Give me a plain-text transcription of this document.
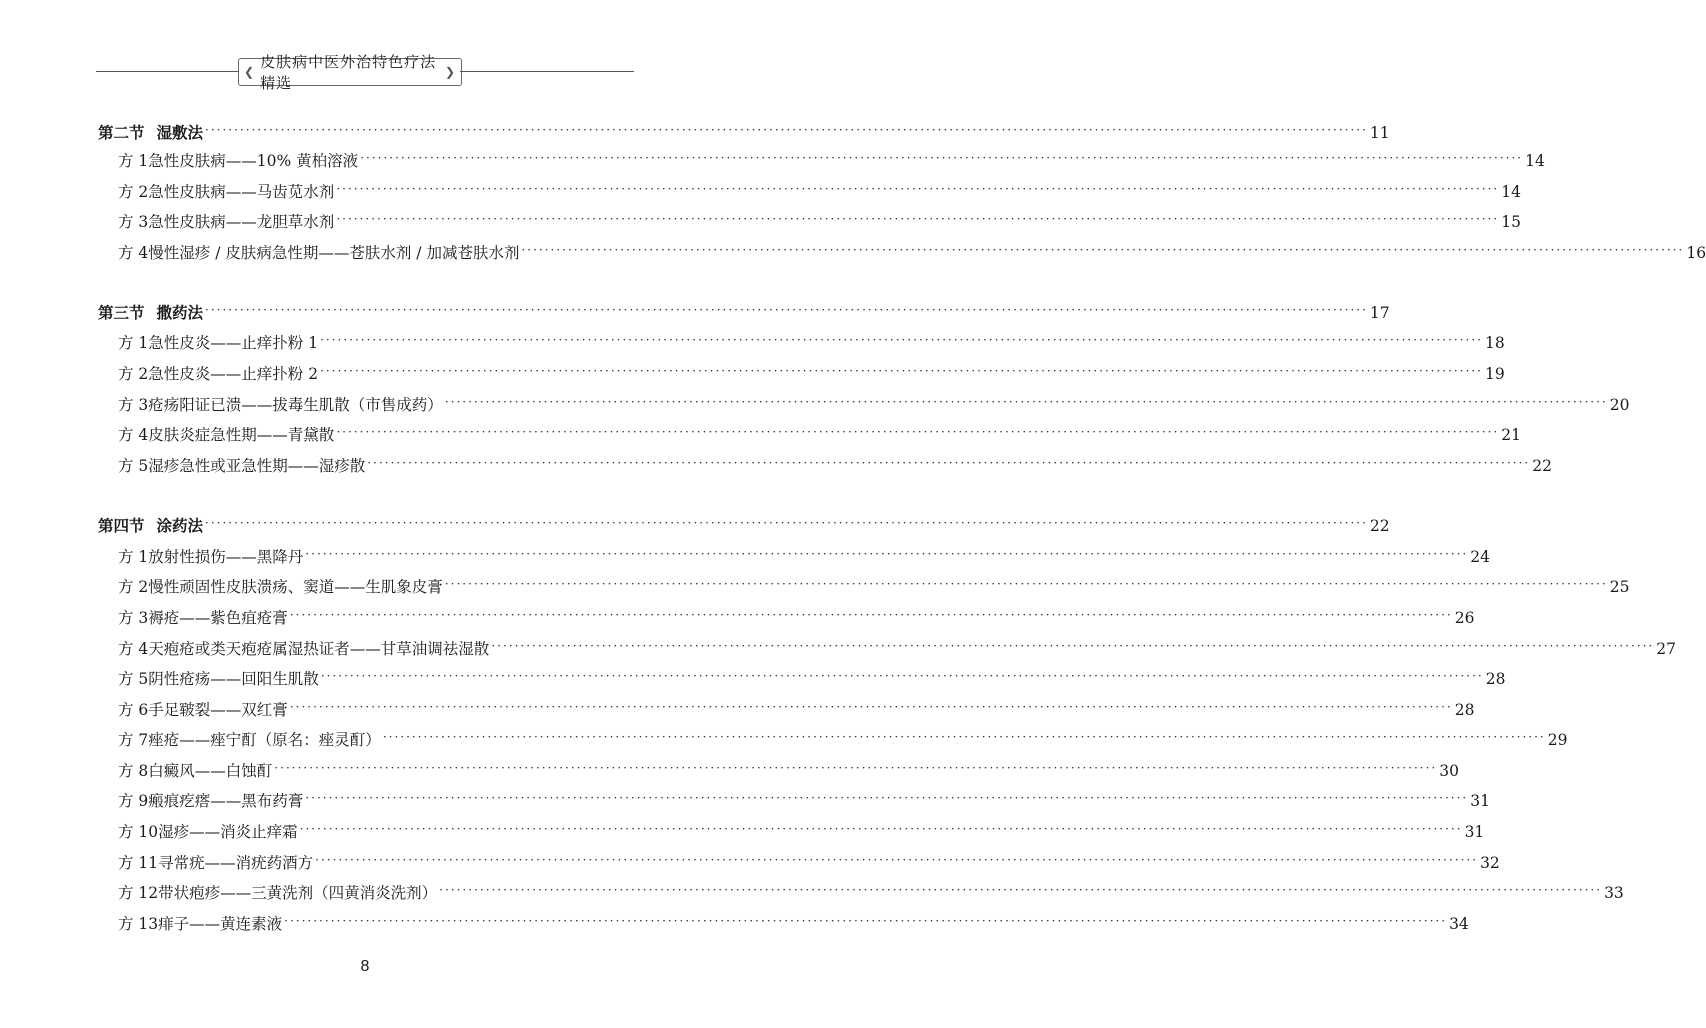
❮
皮肤病中医外治特色疗法精选
❯
第二节 湿敷法 ········································································································································································································ 11
方 1 急性皮肤病——10% 黄柏溶液 ········································································································································································································ 14
方 2 急性皮肤病——马齿苋水剂 ········································································································································································································ 14
方 3 急性皮肤病——龙胆草水剂 ········································································································································································································ 15
方 4 慢性湿疹 / 皮肤病急性期——苍肤水剂 / 加减苍肤水剂 ········································································································································································································ 16
第三节 撒药法 ········································································································································································································ 17
方 1 急性皮炎——止痒扑粉 1 ········································································································································································································ 18
方 2 急性皮炎——止痒扑粉 2 ········································································································································································································ 19
方 3 疮疡阳证已溃——拔毒生肌散（市售成药） ········································································································································································································ 20
方 4 皮肤炎症急性期——青黛散 ········································································································································································································ 21
方 5 湿疹急性或亚急性期——湿疹散 ········································································································································································································ 22
第四节 涂药法 ········································································································································································································ 22
方 1 放射性损伤——黑降丹 ········································································································································································································ 24
方 2 慢性顽固性皮肤溃疡、窦道——生肌象皮膏 ········································································································································································································ 25
方 3 褥疮——紫色疽疮膏 ········································································································································································································ 26
方 4 天疱疮或类天疱疮属湿热证者——甘草油调祛湿散 ········································································································································································································ 27
方 5 阴性疮疡——回阳生肌散 ········································································································································································································ 28
方 6 手足皲裂——双红膏 ········································································································································································································ 28
方 7 痤疮——痤宁酊（原名：痤灵酊） ········································································································································································································ 29
方 8 白癜风——白蚀酊 ········································································································································································································ 30
方 9 瘢痕疙瘩——黑布药膏 ········································································································································································································ 31
方 10 湿疹——消炎止痒霜 ········································································································································································································ 31
方 11 寻常疣——消疣药酒方 ········································································································································································································ 32
方 12 带状疱疹——三黄洗剂（四黄消炎洗剂） ········································································································································································································ 33
方 13 痱子——黄连素液 ········································································································································································································ 34
8
